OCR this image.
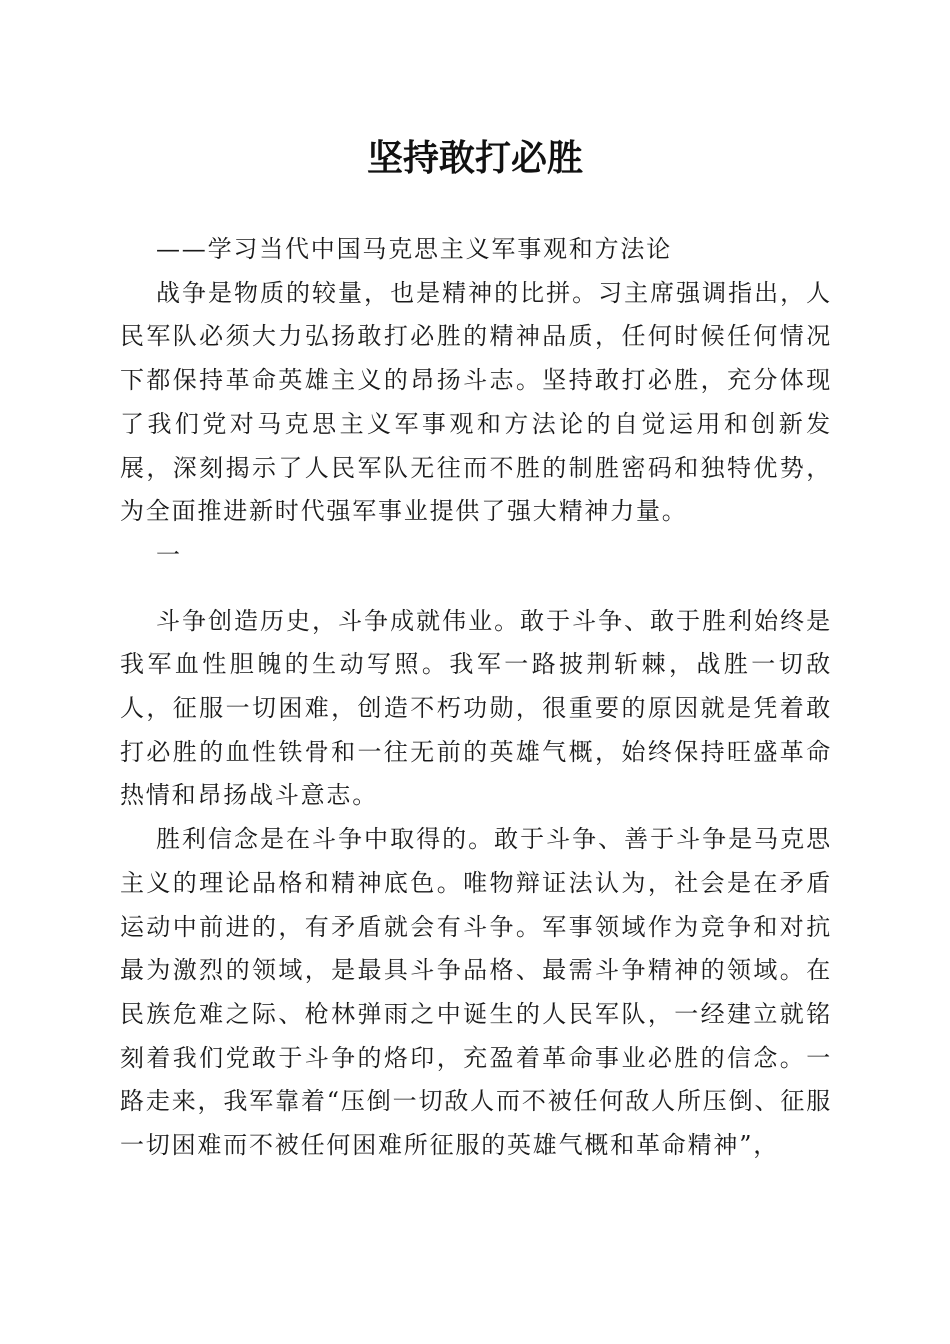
坚持敢打必胜

——学习当代中国马克思主义军事观和方法论

战争是物质的较量，也是精神的比拼。习主席强调指出，人民军队必须大力弘扬敢打必胜的精神品质，任何时候任何情况下都保持革命英雄主义的昂扬斗志。坚持敢打必胜，充分体现了我们党对马克思主义军事观和方法论的自觉运用和创新发展，深刻揭示了人民军队无往而不胜的制胜密码和独特优势，为全面推进新时代强军事业提供了强大精神力量。

一

斗争创造历史，斗争成就伟业。敢于斗争、敢于胜利始终是我军血性胆魄的生动写照。我军一路披荆斩棘，战胜一切敌人，征服一切困难，创造不朽功勋，很重要的原因就是凭着敢打必胜的血性铁骨和一往无前的英雄气概，始终保持旺盛革命热情和昂扬战斗意志。

胜利信念是在斗争中取得的。敢于斗争、善于斗争是马克思主义的理论品格和精神底色。唯物辩证法认为，社会是在矛盾运动中前进的，有矛盾就会有斗争。军事领域作为竞争和对抗最为激烈的领域，是最具斗争品格、最需斗争精神的领域。在民族危难之际、枪林弹雨之中诞生的人民军队，一经建立就铭刻着我们党敢于斗争的烙印，充盈着革命事业必胜的信念。一路走来，我军靠着“压倒一切敌人而不被任何敌人所压倒、征服一切困难而不被任何困难所征服的英雄气概和革命精神”，
